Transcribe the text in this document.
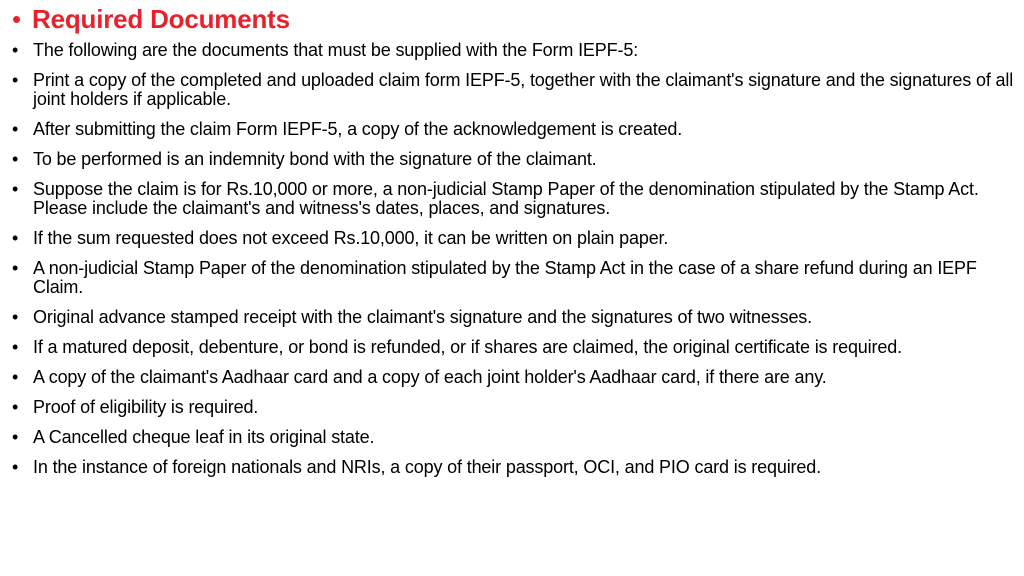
• Required Documents
• The following are the documents that must be supplied with the Form IEPF-5:
• Print a copy of the completed and uploaded claim form IEPF-5, together with the claimant's signature and the signatures of all joint holders if applicable.
• After submitting the claim Form IEPF-5, a copy of the acknowledgement is created.
• To be performed is an indemnity bond with the signature of the claimant.
• Suppose the claim is for Rs.10,000 or more, a non-judicial Stamp Paper of the denomination stipulated by the Stamp Act. Please include the claimant's and witness's dates, places, and signatures.
• If the sum requested does not exceed Rs.10,000, it can be written on plain paper.
• A non-judicial Stamp Paper of the denomination stipulated by the Stamp Act in the case of a share refund during an IEPF Claim.
• Original advance stamped receipt with the claimant's signature and the signatures of two witnesses.
• If a matured deposit, debenture, or bond is refunded, or if shares are claimed, the original certificate is required.
• A copy of the claimant's Aadhaar card and a copy of each joint holder's Aadhaar card, if there are any.
• Proof of eligibility is required.
• A Cancelled cheque leaf in its original state.
• In the instance of foreign nationals and NRIs, a copy of their passport, OCI, and PIO card is required.
